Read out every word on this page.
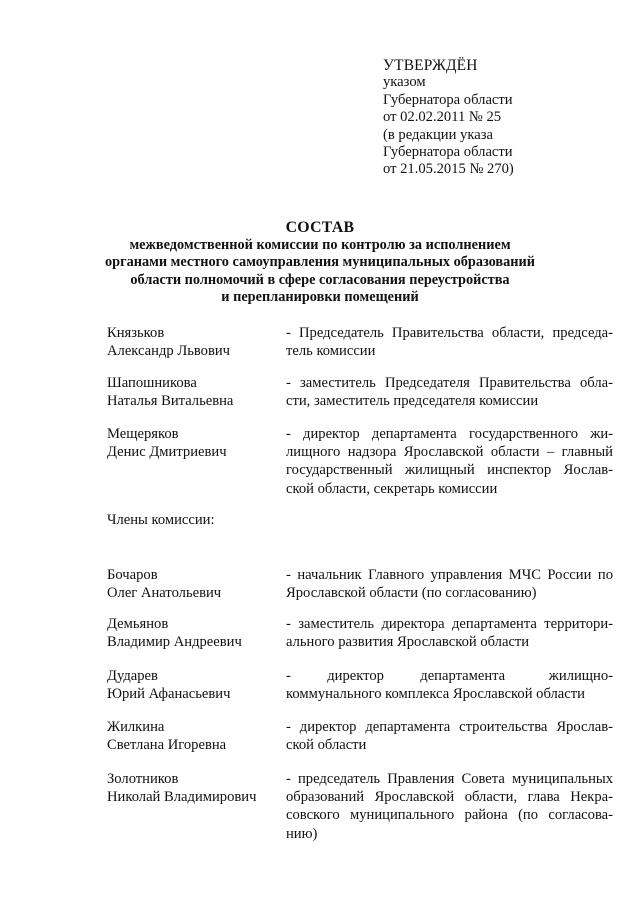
УТВЕРЖДЁН
указом
Губернатора области
от 02.02.2011 № 25
(в редакции указа
Губернатора области
от 21.05.2015 № 270)
СОСТАВ
межведомственной комиссии по контролю за исполнением
органами местного самоуправления муниципальных образований
области полномочий в сфере согласования переустройства
и перепланировки помещений
Князьков
Александр Львович
- Председатель Правительства области, председа-
тель комиссии
Шапошникова
Наталья Витальевна
- заместитель Председателя Правительства обла-
сти, заместитель председателя комиссии
Мещеряков
Денис Дмитриевич
- директор департамента государственного жи-
лищного надзора Ярославской области – главный
государственный жилищный инспектор Яослав-
ской области, секретарь комиссии
Члены комиссии:
Бочаров
Олег Анатольевич
- начальник Главного управления МЧС России по
Ярославской области (по согласованию)
Демьянов
Владимир Андреевич
- заместитель директора департамента территори-
ального развития Ярославской области
Дударев
Юрий Афанасьевич
-     директор     департамента      жилищно-
коммунального комплекса Ярославской области
Жилкина
Светлана Игоревна
- директор департамента строительства Ярослав-
ской области
Золотников
Николай Владимирович
- председатель Правления Совета муниципальных
образований Ярославской области, глава Некра-
совского муниципального района (по согласова-
нию)
